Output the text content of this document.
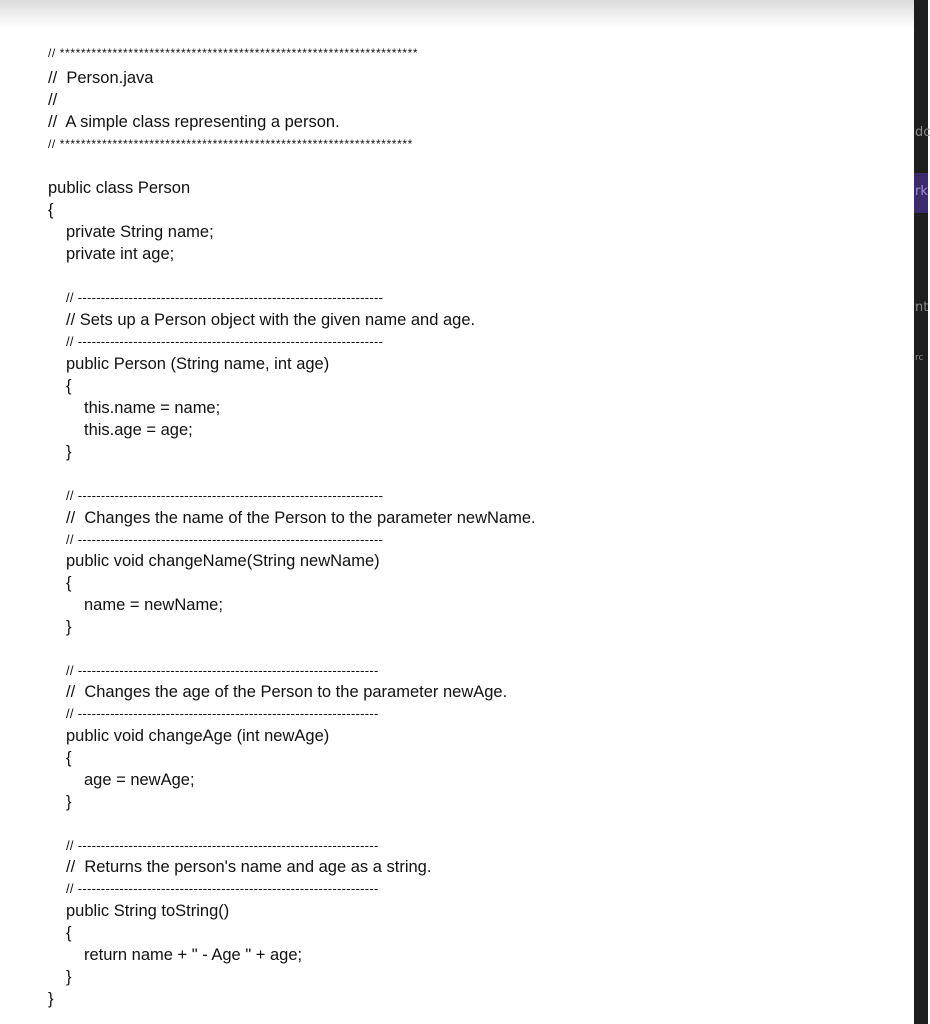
// ********************************************************************

//  Person.java

//

//  A simple class representing a person.

// *******************************************************************

public class Person

{

private String name;

private int age;

// ------------------------------------------------------------------

// Sets up a Person object with the given name and age.

// ------------------------------------------------------------------

public Person (String name, int age)

{

this.name = name;

this.age = age;

}

// ------------------------------------------------------------------

//  Changes the name of the Person to the parameter newName.

// ------------------------------------------------------------------

public void changeName(String newName)

{

name = newName;

}

// -----------------------------------------------------------------

//  Changes the age of the Person to the parameter newAge.

// -----------------------------------------------------------------

public void changeAge (int newAge)

{

age = newAge;

}

// -----------------------------------------------------------------

//  Returns the person's name and age as a string.

// -----------------------------------------------------------------

public String toString()

{

return name + " - Age " + age;

}

}

dc
rk
nt
rc
